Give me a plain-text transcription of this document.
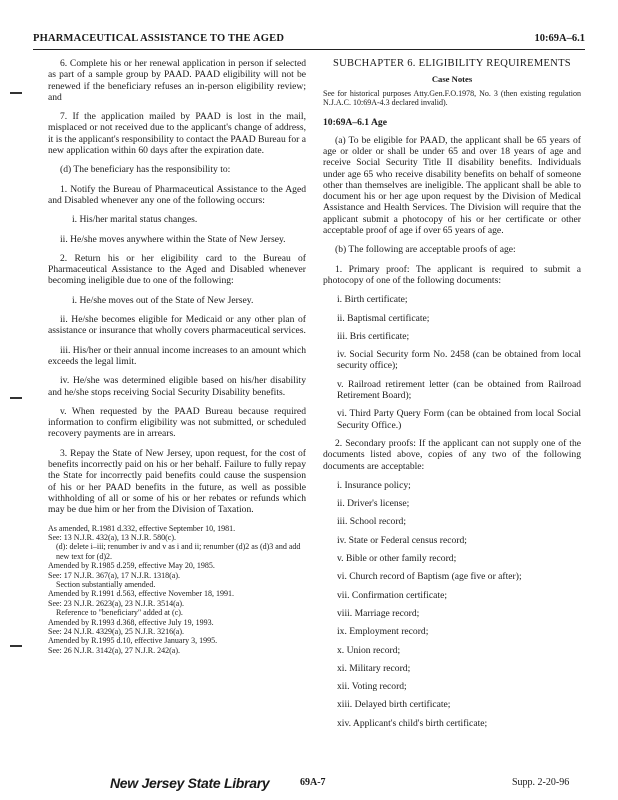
PHARMACEUTICAL ASSISTANCE TO THE AGED	10:69A–6.1

6. Complete his or her renewal application in person if selected as part of a sample group by PAAD. PAAD eligibility will not be renewed if the beneficiary refuses an in-person eligibility review; and

7. If the application mailed by PAAD is lost in the mail, misplaced or not received due to the applicant's change of address, it is the applicant's responsibility to contact the PAAD Bureau for a new application within 60 days after the expiration date.

(d) The beneficiary has the responsibility to:

1. Notify the Bureau of Pharmaceutical Assistance to the Aged and Disabled whenever any one of the following occurs:

i. His/her marital status changes.

ii. He/she moves anywhere within the State of New Jersey.

2. Return his or her eligibility card to the Bureau of Pharmaceutical Assistance to the Aged and Disabled whenever becoming ineligible due to one of the following:

i. He/she moves out of the State of New Jersey.

ii. He/she becomes eligible for Medicaid or any other plan of assistance or insurance that wholly covers pharmaceutical services.

iii. His/her or their annual income increases to an amount which exceeds the legal limit.

iv. He/she was determined eligible based on his/her disability and he/she stops receiving Social Security Disability benefits.

v. When requested by the PAAD Bureau because required information to confirm eligibility was not submitted, or scheduled recovery payments are in arrears.

3. Repay the State of New Jersey, upon request, for the cost of benefits incorrectly paid on his or her behalf. Failure to fully repay the State for incorrectly paid benefits could cause the suspension of his or her PAAD benefits in the future, as well as possible withholding of all or some of his or her rebates or refunds which may be due him or her from the Division of Taxation.

As amended, R.1981 d.332, effective September 10, 1981.
See: 13 N.J.R. 432(a), 13 N.J.R. 580(c).
(d): delete i–iii; renumber iv and v as i and ii; renumber (d)2 as (d)3 and add new text for (d)2.
Amended by R.1985 d.259, effective May 20, 1985.
See: 17 N.J.R. 367(a), 17 N.J.R. 1318(a).
Section substantially amended.
Amended by R.1991 d.563, effective November 18, 1991.
See: 23 N.J.R. 2623(a), 23 N.J.R. 3514(a).
Reference to "beneficiary" added at (c).
Amended by R.1993 d.368, effective July 19, 1993.
See: 24 N.J.R. 4329(a), 25 N.J.R. 3216(a).
Amended by R.1995 d.10, effective January 3, 1995.
See: 26 N.J.R. 3142(a), 27 N.J.R. 242(a).
SUBCHAPTER 6. ELIGIBILITY REQUIREMENTS
Case Notes

See for historical purposes Atty.Gen.F.O.1978, No. 3 (then existing regulation N.J.A.C. 10:69A-4.3 declared invalid).

10:69A–6.1 Age

(a) To be eligible for PAAD, the applicant shall be 65 years of age or older or shall be under 65 and over 18 years of age and receive Social Security Title II disability benefits. Individuals under age 65 who receive disability benefits on behalf of someone other than themselves are ineligible. The applicant shall be able to document his or her age upon request by the Division of Medical Assistance and Health Services. The Division will require that the applicant submit a photocopy of his or her certificate or other acceptable proof of age if over 65 years of age.

(b) The following are acceptable proofs of age:

1. Primary proof: The applicant is required to submit a photocopy of one of the following documents:

i. Birth certificate;

ii. Baptismal certificate;

iii. Bris certificate;

iv. Social Security form No. 2458 (can be obtained from local security office);

v. Railroad retirement letter (can be obtained from Railroad Retirement Board);

vi. Third Party Query Form (can be obtained from local Social Security Office.)

2. Secondary proofs: If the applicant can not supply one of the documents listed above, copies of any two of the following documents are acceptable:

i. Insurance policy;

ii. Driver's license;

iii. School record;

iv. State or Federal census record;

v. Bible or other family record;

vi. Church record of Baptism (age five or after);

vii. Confirmation certificate;

viii. Marriage record;

ix. Employment record;

x. Union record;

xi. Military record;

xii. Voting record;

xiii. Delayed birth certificate;

xiv. Applicant's child's birth certificate;

New Jersey State Library	69A-7	Supp. 2-20-96
